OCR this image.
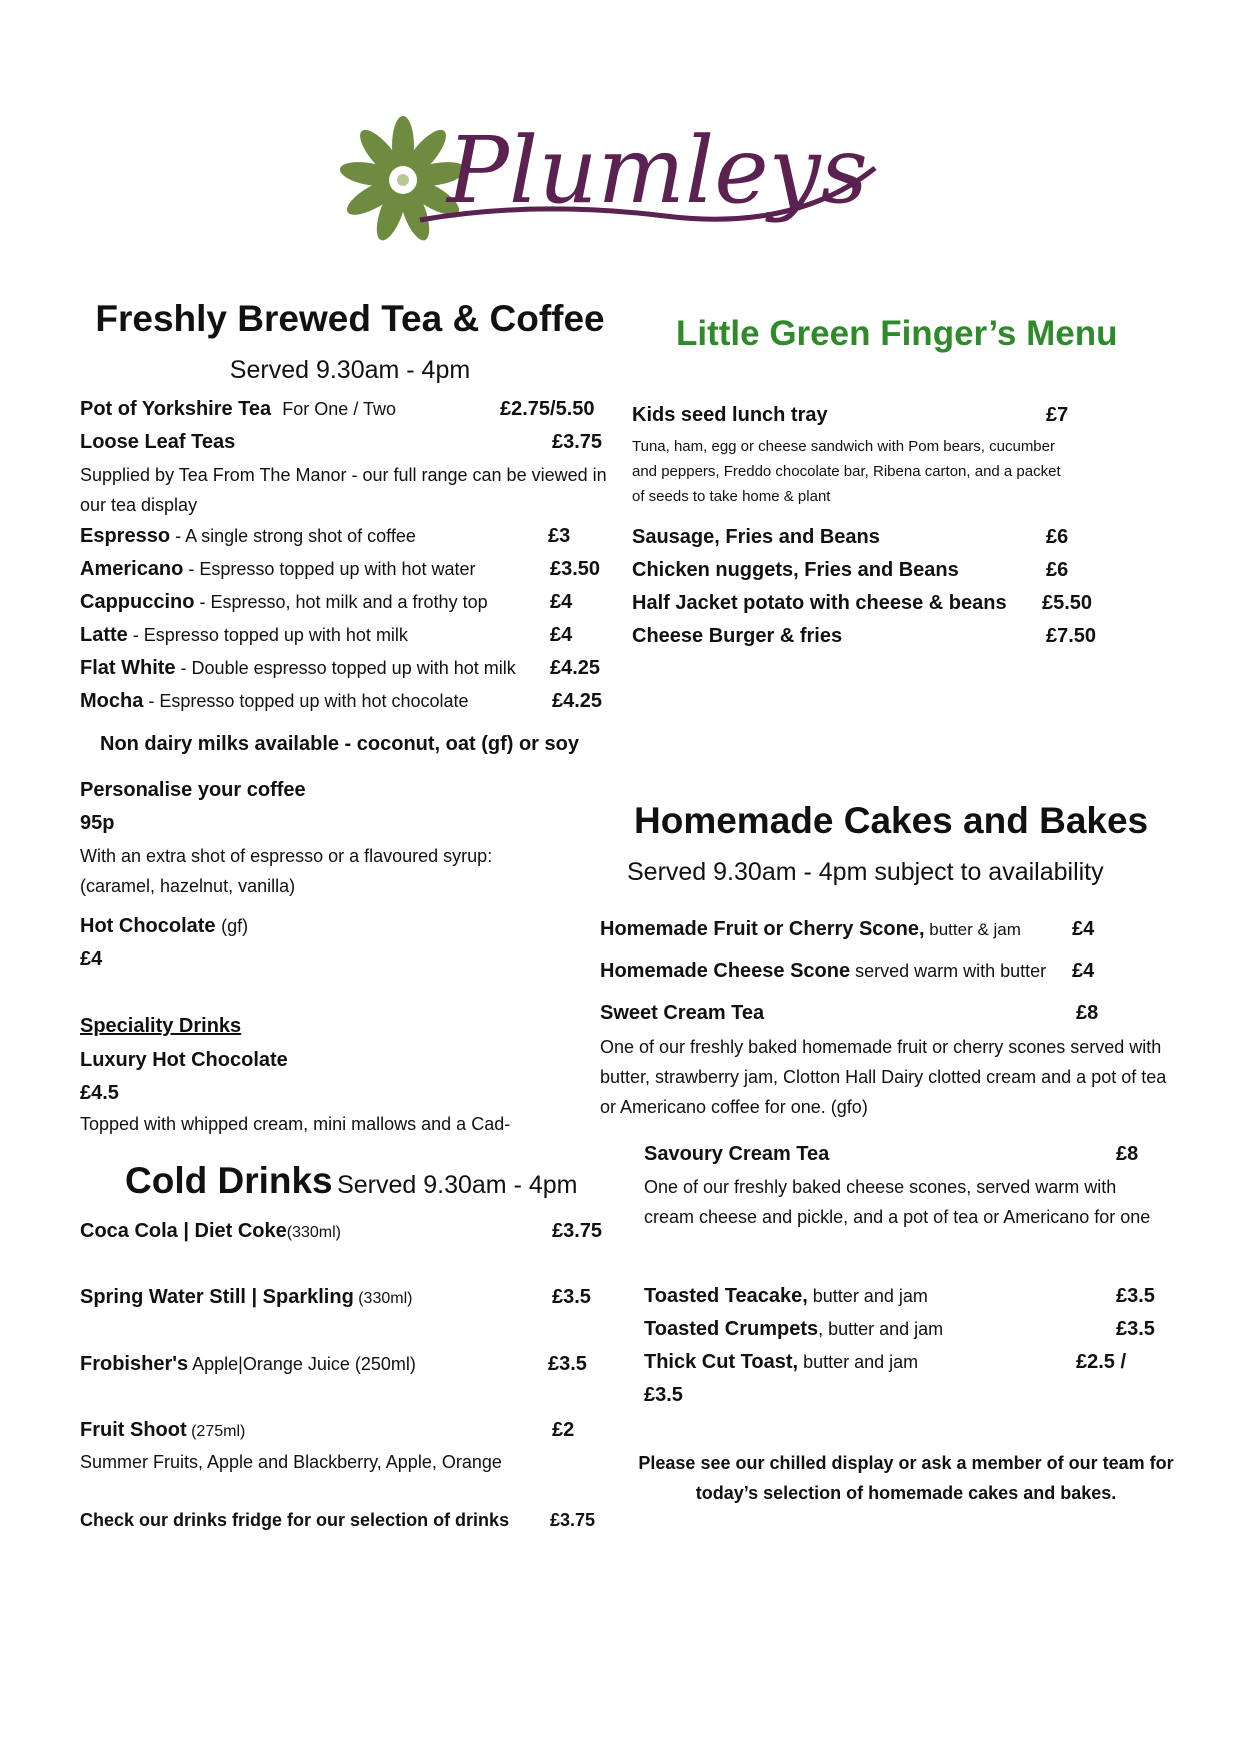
Plumleys
Freshly Brewed Tea & Coffee
Served 9.30am - 4pm
Pot of Yorkshire Tea For One / Two	£2.75/5.50
Loose Leaf Teas	£3.75
Supplied by Tea From The Manor - our full range can be viewed in our tea display
Espresso - A single strong shot of coffee	£3
Americano - Espresso topped up with hot water	£3.50
Cappuccino - Espresso, hot milk and a frothy top	£4
Latte - Espresso topped up with hot milk	£4
Flat White - Double espresso topped up with hot milk £4.25
Mocha - Espresso topped up with hot chocolate	£4.25
Non dairy milks available - coconut, oat (gf) or soy
Personalise your coffee
95p
With an extra shot of espresso or a flavoured syrup: (caramel, hazelnut, vanilla)
Hot Chocolate (gf)
£4
Speciality Drinks
Luxury Hot Chocolate
£4.5
Topped with whipped cream, mini mallows and a Cad-
Cold Drinks Served 9.30am - 4pm
Coca Cola | Diet Coke(330ml)	£3.75
Spring Water Still | Sparkling (330ml)	£3.5
Frobisher's Apple|Orange Juice (250ml)	£3.5
Fruit Shoot (275ml)	£2
Summer Fruits, Apple and Blackberry, Apple, Orange
Check our drinks fridge for our selection of drinks £3.75
Little Green Finger’s Menu
Kids seed lunch tray	£7
Tuna, ham, egg or cheese sandwich with Pom bears, cucumber and peppers, Freddo chocolate bar, Ribena carton, and a packet of seeds to take home & plant
Sausage, Fries and Beans	£6
Chicken nuggets, Fries and Beans	£6
Half Jacket potato with cheese & beans £5.50
Cheese Burger & fries	£7.50
Homemade Cakes and Bakes
Served 9.30am - 4pm subject to availability
Homemade Fruit or Cherry Scone, butter & jam	£4
Homemade Cheese Scone served warm with butter £4
Sweet Cream Tea	£8
One of our freshly baked homemade fruit or cherry scones served with butter, strawberry jam, Clotton Hall Dairy clotted cream and a pot of tea or Americano coffee for one. (gfo)
Savoury Cream Tea	£8
One of our freshly baked cheese scones, served warm with cream cheese and pickle, and a pot of tea or Americano for one
Toasted Teacake, butter and jam	£3.5
Toasted Crumpets, butter and jam	£3.5
Thick Cut Toast, butter and jam	£2.5 /
£3.5
Please see our chilled display or ask a member of our team for today’s selection of homemade cakes and bakes.
